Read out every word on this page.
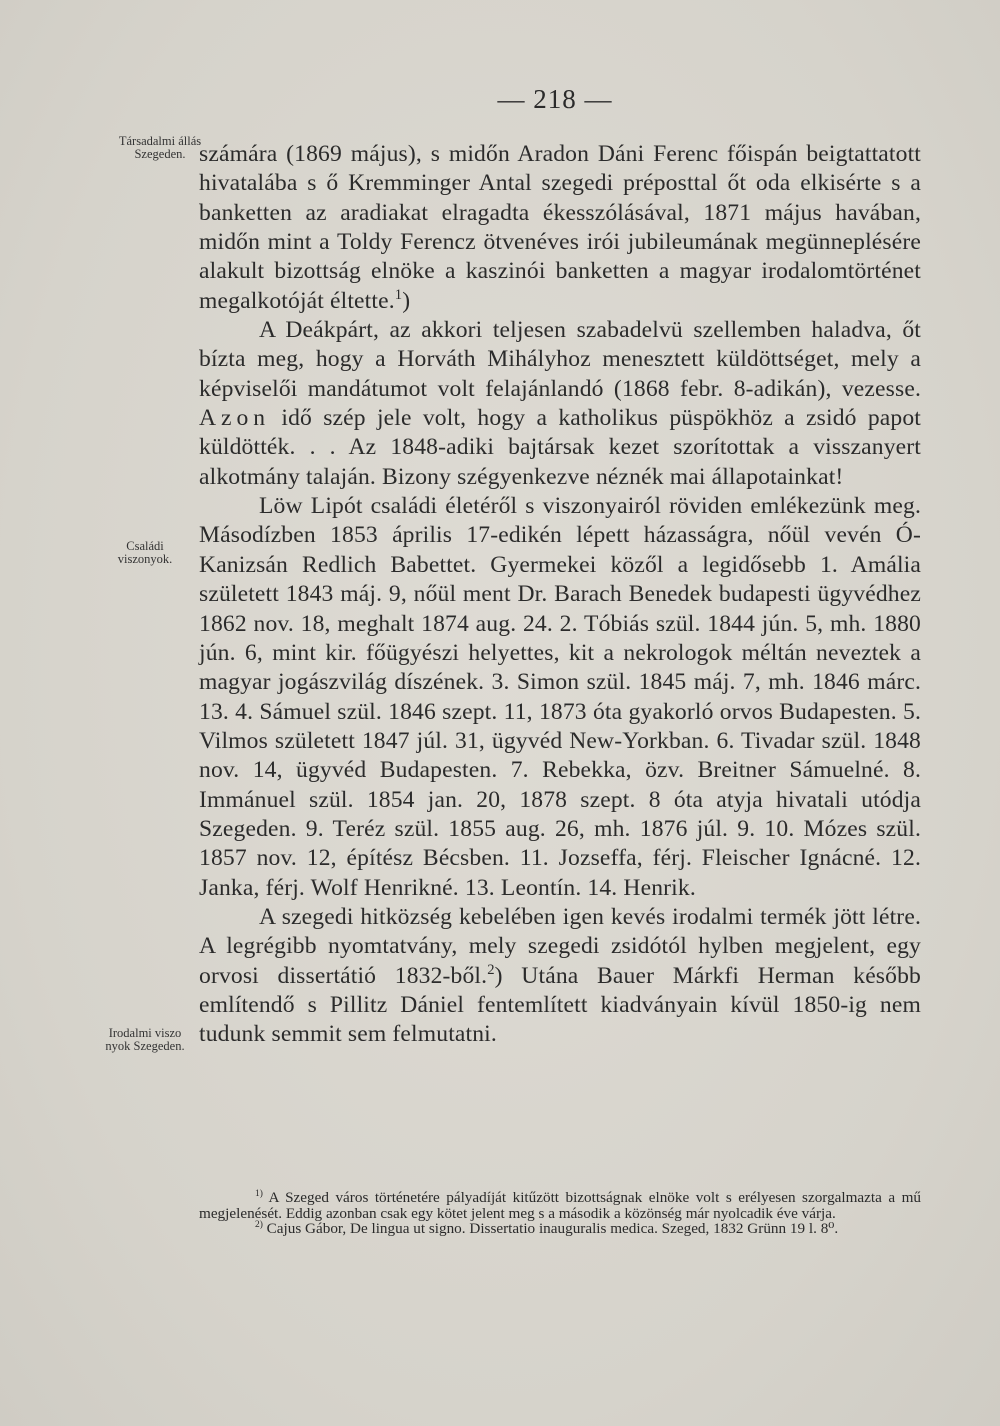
— 218 —
Társadalmi állás
Szegeden.
Családi
viszonyok.
Irodalmi viszo
nyok Szegeden.

számára (1869 május), s midőn Aradon Dáni Ferenc főispán beigtattatott hivatalába s ő Kremminger Antal szegedi préposttal őt oda elkisérte s a banketten az aradiakat elragadta ékesszólásával, 1871 május havában, midőn mint a Toldy Ferencz ötvenéves irói jubileumának megünneplésére alakult bizottság elnöke a kaszinói banketten a magyar irodalomtörténet megalkotóját éltette.$^1$)

A Deákpárt, az akkori teljesen szabadelvü szellemben haladva, őt bízta meg, hogy a Horváth Mihályhoz menesztett küldöttséget, mely a képviselői mandátumot volt felajánlandó (1868 febr. 8-adikán), vezesse. Azon idő szép jele volt, hogy a katholikus püspökhöz a zsidó papot küldötték. . . Az 1848-adiki bajtársak kezet szorítottak a visszanyert alkotmány talaján. Bizony szégyenkezve néznék mai állapotainkat!

Löw Lipót családi életéről s viszonyairól röviden emlékezünk meg. Másodízben 1853 április 17-edikén lépett házasságra, nőül vevén Ó-Kanizsán Redlich Babettet. Gyermekei közől a legidősebb 1. Amália született 1843 máj. 9, nőül ment Dr. Barach Benedek budapesti ügyvédhez 1862 nov. 18, meghalt 1874 aug. 24. 2. Tóbiás szül. 1844 jún. 5, mh. 1880 jún. 6, mint kir. főügyészi helyettes, kit a nekrologok méltán neveztek a magyar jogászvilág díszének. 3. Simon szül. 1845 máj. 7, mh. 1846 márc. 13. 4. Sámuel szül. 1846 szept. 11, 1873 óta gyakorló orvos Budapesten. 5. Vilmos született 1847 júl. 31, ügyvéd New-Yorkban. 6. Tivadar szül. 1848 nov. 14, ügyvéd Budapesten. 7. Rebekka, özv. Breitner Sámuelné. 8. Immánuel szül. 1854 jan. 20, 1878 szept. 8 óta atyja hivatali utódja Szegeden. 9. Teréz szül. 1855 aug. 26, mh. 1876 júl. 9. 10. Mózes szül. 1857 nov. 12, építész Bécsben. 11. Jozseffa, férj. Fleischer Ignácné. 12. Janka, férj. Wolf Henrikné. 13. Leontín. 14. Henrik.

A szegedi hitközség kebelében igen kevés irodalmi termék jött létre. A legrégibb nyomtatvány, mely szegedi zsidótól hylben megjelent, egy orvosi dissertátió 1832-ből.$^2$) Utána Bauer Márkfi Herman később említendő s Pillitz Dániel fentemlített kiadványain kívül 1850-ig nem tudunk semmit sem felmutatni.

$^{1)}$ A Szeged város történetére pályadíját kitűzött bizottságnak elnöke volt s erélyesen szorgalmazta a mű megjelenését. Eddig azonban csak egy kötet jelent meg s a második a közönség már nyolcadik éve várja.

$^{2)}$ Cajus Gábor, De lingua ut signo. Dissertatio inauguralis medica. Szeged, 1832 Grünn 19 l. 8⁰.
